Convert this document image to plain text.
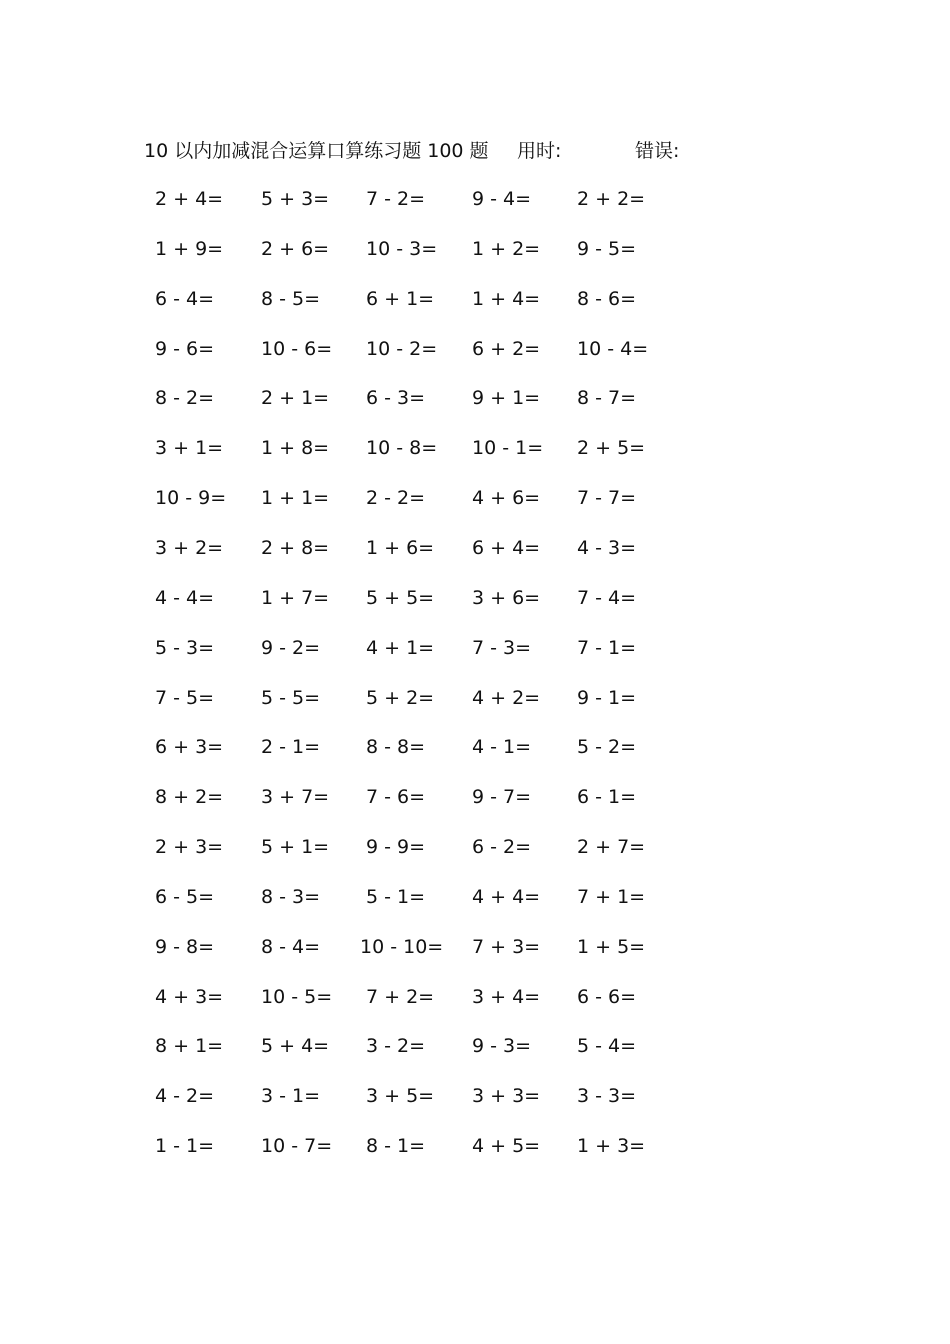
10 以内加减混合运算口算练习题 100 题 用时:	错误:
2 + 4= 5 + 3= 7 - 2= 9 - 4= 2 + 2=
1 + 9= 2 + 6= 10 - 3= 1 + 2= 9 - 5=
6 - 4= 8 - 5= 6 + 1= 1 + 4= 8 - 6=
9 - 6= 10 - 6= 10 - 2= 6 + 2= 10 - 4=
8 - 2= 2 + 1= 6 - 3= 9 + 1= 8 - 7=
3 + 1= 1 + 8= 10 - 8= 10 - 1= 2 + 5=
10 - 9= 1 + 1= 2 - 2= 4 + 6= 7 - 7=
3 + 2= 2 + 8= 1 + 6= 6 + 4= 4 - 3=
4 - 4= 1 + 7= 5 + 5= 3 + 6= 7 - 4=
5 - 3= 9 - 2= 4 + 1= 7 - 3= 7 - 1=
7 - 5= 5 - 5= 5 + 2= 4 + 2= 9 - 1=
6 + 3= 2 - 1= 8 - 8= 4 - 1= 5 - 2=
8 + 2= 3 + 7= 7 - 6= 9 - 7= 6 - 1=
2 + 3= 5 + 1= 9 - 9= 6 - 2= 2 + 7=
6 - 5= 8 - 3= 5 - 1= 4 + 4= 7 + 1=
9 - 8= 8 - 4= 10 - 10= 7 + 3= 1 + 5=
4 + 3= 10 - 5= 7 + 2= 3 + 4= 6 - 6=
8 + 1= 5 + 4= 3 - 2= 9 - 3= 5 - 4=
4 - 2= 3 - 1= 3 + 5= 3 + 3= 3 - 3=
1 - 1= 10 - 7= 8 - 1= 4 + 5= 1 + 3=
